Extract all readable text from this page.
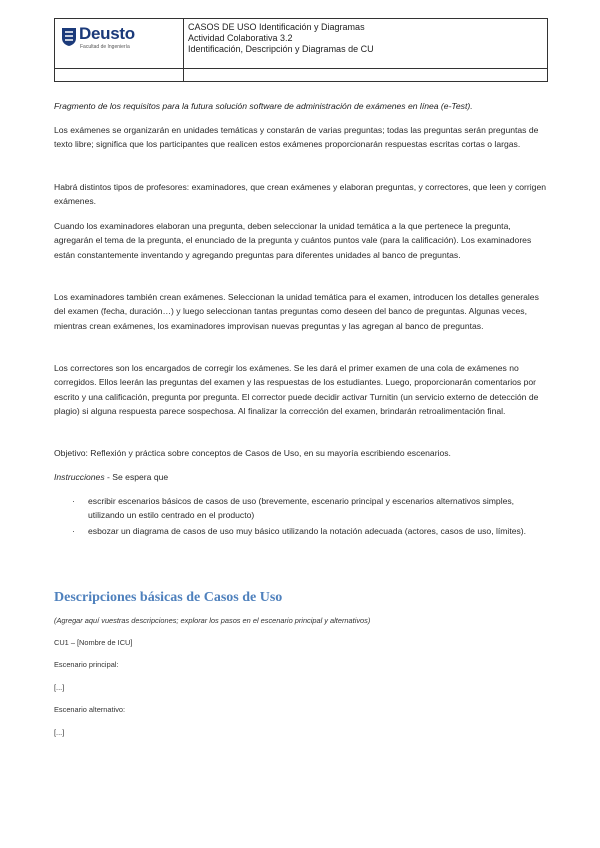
Deusto
Facultad de Ingeniería
CASOS DE USO Identificación y Diagramas
Actividad Colaborativa 3.2
Identificación, Descripción y Diagramas de CU
Fragmento de los requisitos para la futura solución software de administración de exámenes en línea (e-Test).
Los exámenes se organizarán en unidades temáticas y constarán de varias preguntas; todas las preguntas serán preguntas de texto libre; significa que los participantes que realicen estos exámenes proporcionarán respuestas escritas cortas o largas.
Habrá distintos tipos de profesores: examinadores, que crean exámenes y elaboran preguntas, y correctores, que leen y corrigen exámenes.
Cuando los examinadores elaboran una pregunta, deben seleccionar la unidad temática a la que pertenece la pregunta, agregarán el tema de la pregunta, el enunciado de la pregunta y cuántos puntos vale (para la calificación). Los examinadores están constantemente inventando y agregando preguntas para diferentes unidades al banco de preguntas.
Los examinadores también crean exámenes. Seleccionan la unidad temática para el examen, introducen los detalles generales del examen (fecha, duración…) y luego seleccionan tantas preguntas como deseen del banco de preguntas. Algunas veces, mientras crean exámenes, los examinadores improvisan nuevas preguntas y las agregan al banco de preguntas.
Los correctores son los encargados de corregir los exámenes. Se les dará el primer examen de una cola de exámenes no corregidos. Ellos leerán las preguntas del examen y las respuestas de los estudiantes. Luego, proporcionarán comentarios por escrito y una calificación, pregunta por pregunta. El corrector puede decidir activar Turnitin (un servicio externo de detección de plagio) si alguna respuesta parece sospechosa. Al finalizar la corrección del examen, brindarán retroalimentación final.
Objetivo: Reflexión y práctica sobre conceptos de Casos de Uso, en su mayoría escribiendo escenarios.
Instrucciones - Se espera que
· escribir escenarios básicos de casos de uso (brevemente, escenario principal y escenarios alternativos simples, utilizando un estilo centrado en el producto)
· esbozar un diagrama de casos de uso muy básico utilizando la notación adecuada (actores, casos de uso, límites).
Descripciones básicas de Casos de Uso
(Agregar aquí vuestras descripciones; explorar los pasos en el escenario principal y alternativos)
CU1 – [Nombre de ICU]
Escenario principal:
[...]
Escenario alternativo:
[...]
